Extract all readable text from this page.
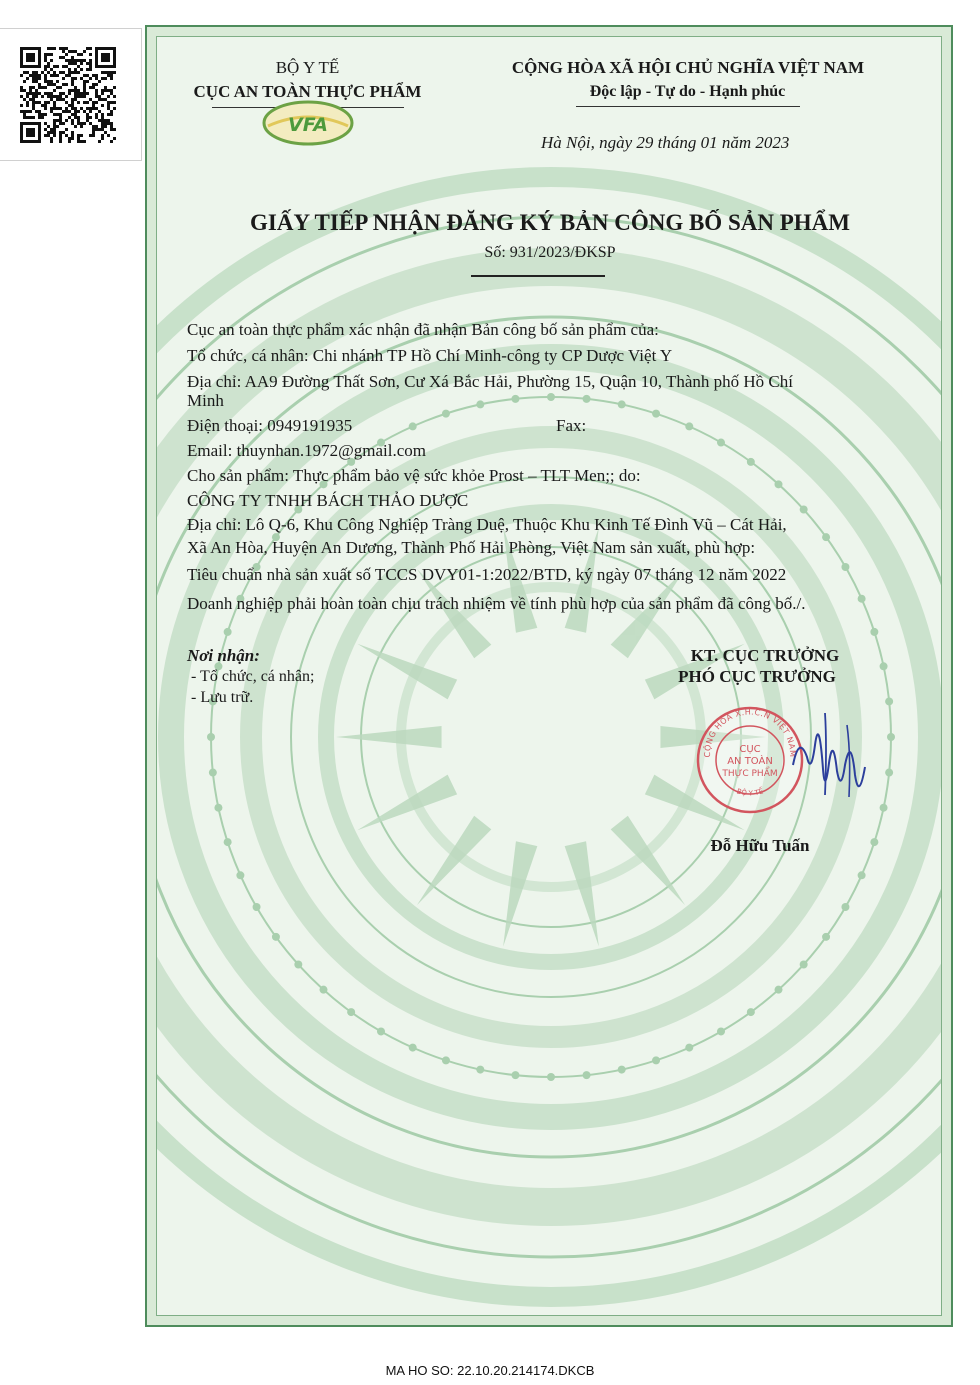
BỘ Y TẾ
CỤC AN TOÀN THỰC PHẨM
VFA
CỘNG HÒA XÃ HỘI CHỦ NGHĨA VIỆT NAM
Độc lập - Tự do - Hạnh phúc
Hà Nội, ngày 29 tháng 01 năm 2023
GIẤY TIẾP NHẬN ĐĂNG KÝ BẢN CÔNG BỐ SẢN PHẨM
Số: 931/2023/ĐKSP
Cục an toàn thực phẩm xác nhận đã nhận Bản công bố sản phẩm của:
Tổ chức, cá nhân: Chi nhánh TP Hồ Chí Minh-công ty CP Dược Việt Y
Địa chỉ: AA9 Đường Thất Sơn, Cư Xá Bắc Hải, Phường 15, Quận 10, Thành phố Hồ Chí
Minh
Điện thoại: 0949191935	Fax:
Email: thuynhan.1972@gmail.com
Cho sản phẩm: Thực phẩm bảo vệ sức khỏe Prost – TLT Men;; do:
CÔNG TY TNHH BÁCH THẢO DƯỢC
Địa chỉ: Lô Q-6, Khu Công Nghiệp Tràng Duệ, Thuộc Khu Kinh Tế Đình Vũ – Cát Hải,
Xã An Hòa, Huyện An Dương, Thành Phố Hải Phòng, Việt Nam sản xuất, phù hợp:
Tiêu chuẩn nhà sản xuất số TCCS DVY01-1:2022/BTD, ký ngày 07 tháng 12 năm 2022
Doanh nghiệp phải hoàn toàn chịu trách nhiệm về tính phù hợp của sản phẩm đã công bố./.
Nơi nhận:
- Tổ chức, cá nhân;
- Lưu trữ.
KT. CỤC TRƯỞNG
PHÓ CỤC TRƯỞNG
CỘNG HÒA X.H.C.N VIỆT NAM
BỘ Y TẾ
CỤC
AN TOÀN
THỰC PHẨM
Đỗ Hữu Tuấn
MA HO SO: 22.10.20.214174.DKCB
